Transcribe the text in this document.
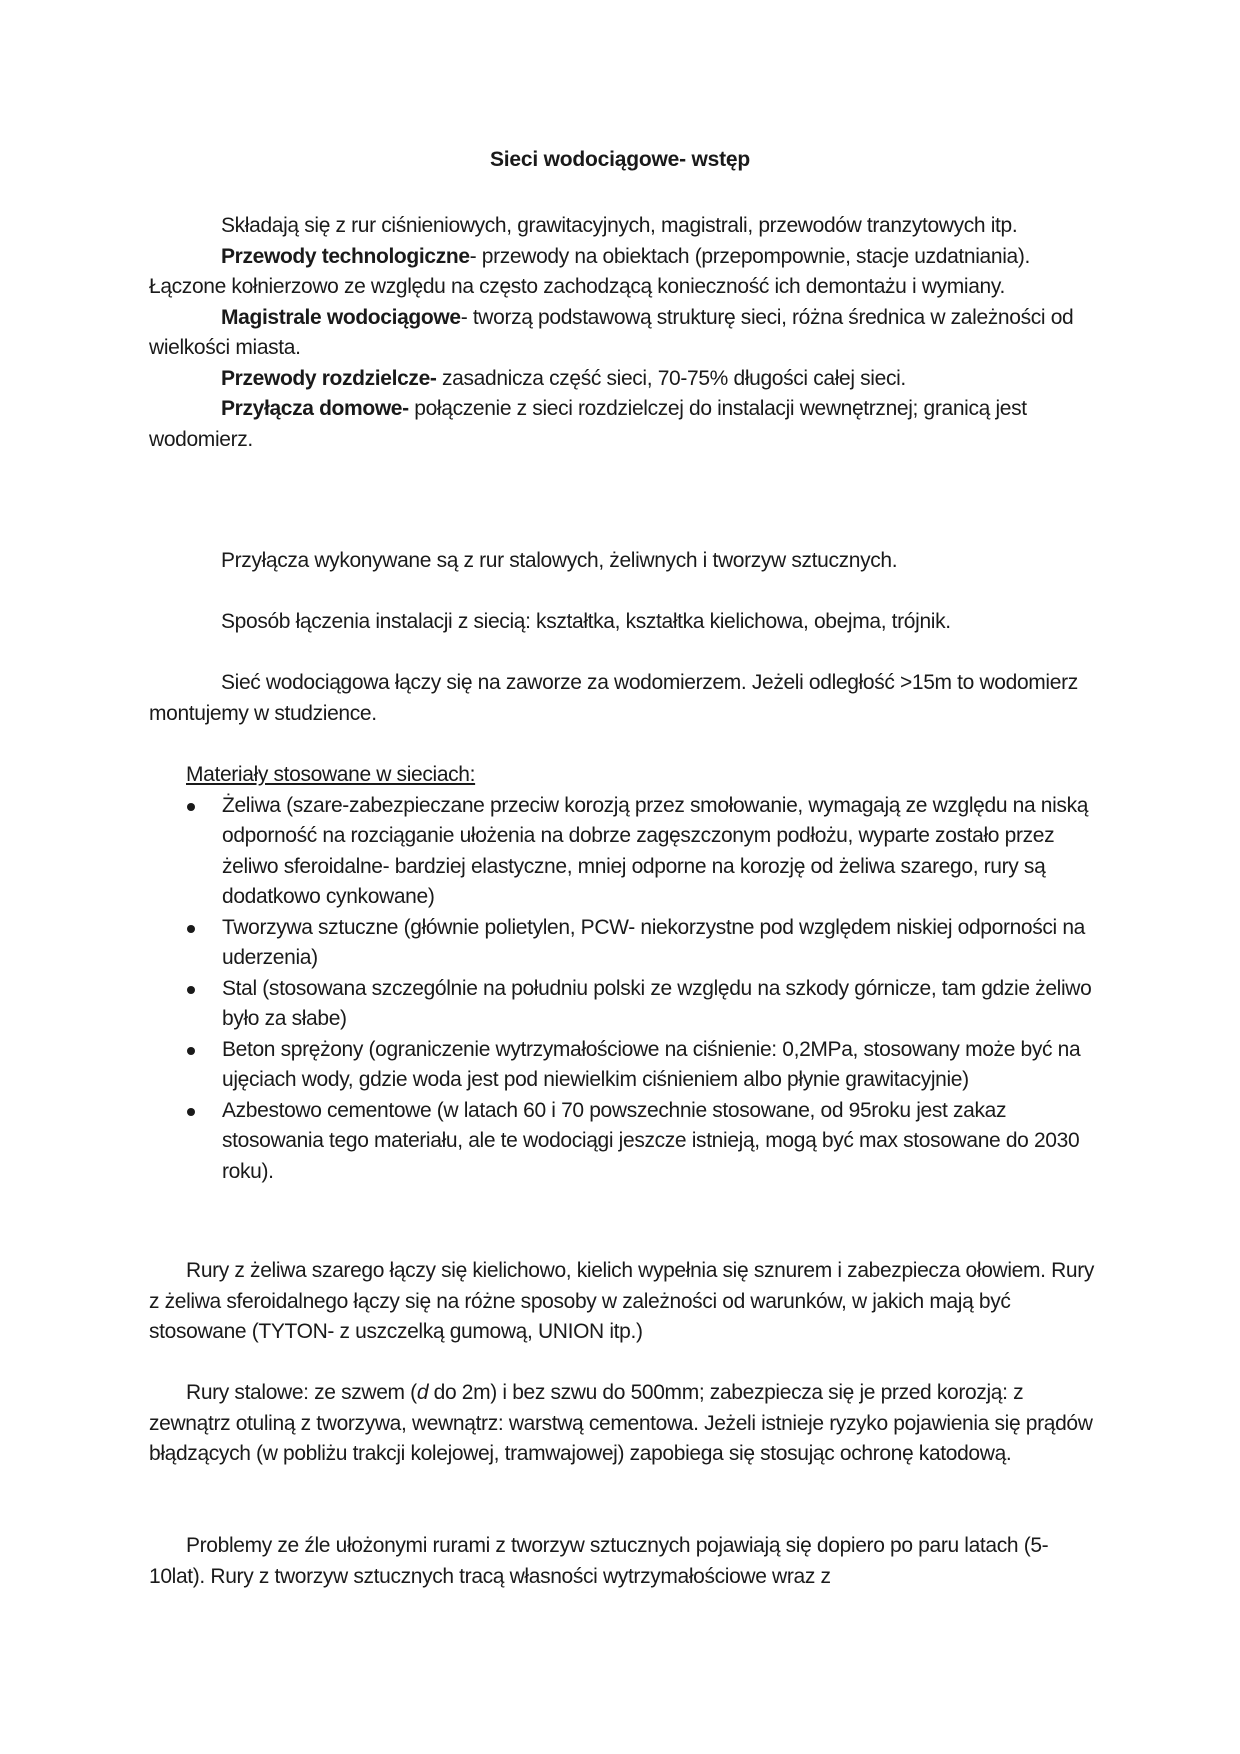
Sieci wodociągowe- wstęp

Składają się z rur ciśnieniowych, grawitacyjnych, magistrali, przewodów tranzytowych itp.

Przewody technologiczne- przewody na obiektach (przepompownie, stacje uzdatniania). Łączone kołnierzowo ze względu na często zachodzącą konieczność ich demontażu i wymiany.

Magistrale wodociągowe- tworzą podstawową strukturę sieci, różna średnica w zależności od wielkości miasta.

Przewody rozdzielcze- zasadnicza część sieci, 70-75% długości całej sieci.

Przyłącza domowe- połączenie z sieci rozdzielczej do instalacji wewnętrznej; granicą jest wodomierz.

Przyłącza wykonywane są z rur stalowych, żeliwnych i tworzyw sztucznych.

Sposób łączenia instalacji z siecią: kształtka, kształtka kielichowa, obejma, trójnik.

Sieć wodociągowa łączy się na zaworze za wodomierzem. Jeżeli odległość >15m to wodomierz montujemy w studzience.

Materiały stosowane w sieciach:

Żeliwa (szare-zabezpieczane przeciw korozją przez smołowanie, wymagają ze względu na niską odporność na rozciąganie ułożenia na dobrze zagęszczonym podłożu, wyparte zostało przez żeliwo sferoidalne- bardziej elastyczne, mniej odporne na korozję od żeliwa szarego, rury są dodatkowo cynkowane)
Tworzywa sztuczne (głównie polietylen, PCW- niekorzystne pod względem niskiej odporności na uderzenia)
Stal (stosowana szczególnie na południu polski ze względu na szkody górnicze, tam gdzie żeliwo było za słabe)
Beton sprężony (ograniczenie wytrzymałościowe na ciśnienie: 0,2MPa, stosowany może być na ujęciach wody, gdzie woda jest pod niewielkim ciśnieniem albo płynie grawitacyjnie)
Azbestowo cementowe (w latach 60 i 70 powszechnie stosowane, od 95roku jest zakaz stosowania tego materiału, ale te wodociągi jeszcze istnieją, mogą być max stosowane do 2030 roku).

Rury z żeliwa szarego łączy się kielichowo, kielich wypełnia się sznurem i zabezpiecza ołowiem. Rury z żeliwa sferoidalnego łączy się na różne sposoby w zależności od warunków, w jakich mają być stosowane (TYTON- z uszczelką gumową, UNION itp.)

Rury stalowe: ze szwem (d do 2m) i bez szwu do 500mm; zabezpiecza się je przed korozją: z zewnątrz otuliną z tworzywa, wewnątrz: warstwą cementowa. Jeżeli istnieje ryzyko pojawienia się prądów błądzących (w pobliżu trakcji kolejowej, tramwajowej) zapobiega się stosując ochronę katodową.

Problemy ze źle ułożonymi rurami z tworzyw sztucznych pojawiają się dopiero po paru latach (5-10lat). Rury z tworzyw sztucznych tracą własności wytrzymałościowe wraz z
